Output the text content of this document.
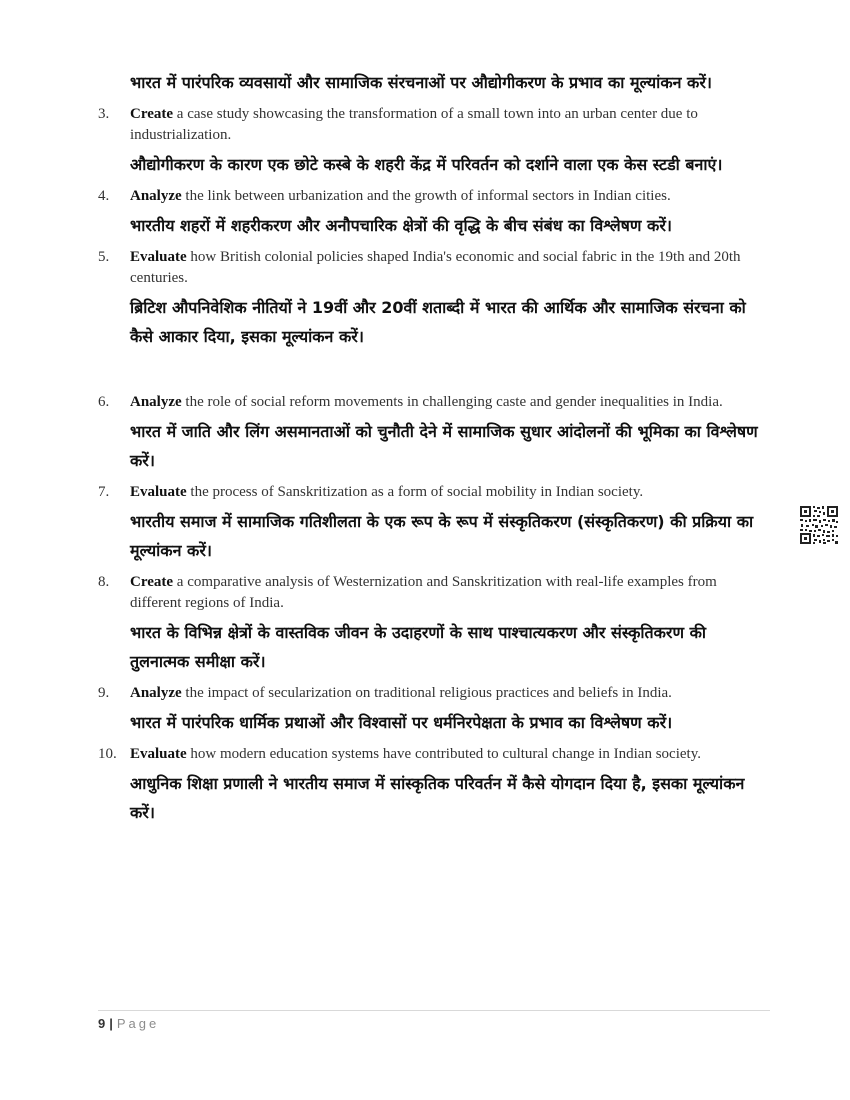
भारत में पारंपरिक व्यवसायों और सामाजिक संरचनाओं पर औद्योगीकरण के प्रभाव का मूल्यांकन करें।

3.	Create a case study showcasing the transformation of a small town into an urban center due to industrialization.

औद्योगीकरण के कारण एक छोटे कस्बे के शहरी केंद्र में परिवर्तन को दर्शाने वाला एक केस स्टडी बनाएं।

4.	Analyze the link between urbanization and the growth of informal sectors in Indian cities.

भारतीय शहरों में शहरीकरण और अनौपचारिक क्षेत्रों की वृद्धि के बीच संबंध का विश्लेषण करें।

5.	Evaluate how British colonial policies shaped India's economic and social fabric in the 19th and 20th centuries.

ब्रिटिश औपनिवेशिक नीतियों ने 19वीं और 20वीं शताब्दी में भारत की आर्थिक और सामाजिक संरचना को कैसे आकार दिया, इसका मूल्यांकन करें।

6.	Analyze the role of social reform movements in challenging caste and gender inequalities in India.

भारत में जाति और लिंग असमानताओं को चुनौती देने में सामाजिक सुधार आंदोलनों की भूमिका का विश्लेषण करें।

7.	Evaluate the process of Sanskritization as a form of social mobility in Indian society.

भारतीय समाज में सामाजिक गतिशीलता के एक रूप के रूप में संस्कृतिकरण (संस्कृतिकरण) की प्रक्रिया का मूल्यांकन करें।

8.	Create a comparative analysis of Westernization and Sanskritization with real-life examples from different regions of India.

भारत के विभिन्न क्षेत्रों के वास्तविक जीवन के उदाहरणों के साथ पाश्चात्यकरण और संस्कृतिकरण की तुलनात्मक समीक्षा करें।

9.	Analyze the impact of secularization on traditional religious practices and beliefs in India.

भारत में पारंपरिक धार्मिक प्रथाओं और विश्वासों पर धर्मनिरपेक्षता के प्रभाव का विश्लेषण करें।

10. Evaluate how modern education systems have contributed to cultural change in Indian society.

आधुनिक शिक्षा प्रणाली ने भारतीय समाज में सांस्कृतिक परिवर्तन में कैसे योगदान दिया है, इसका मूल्यांकन करें।

9 | Page
